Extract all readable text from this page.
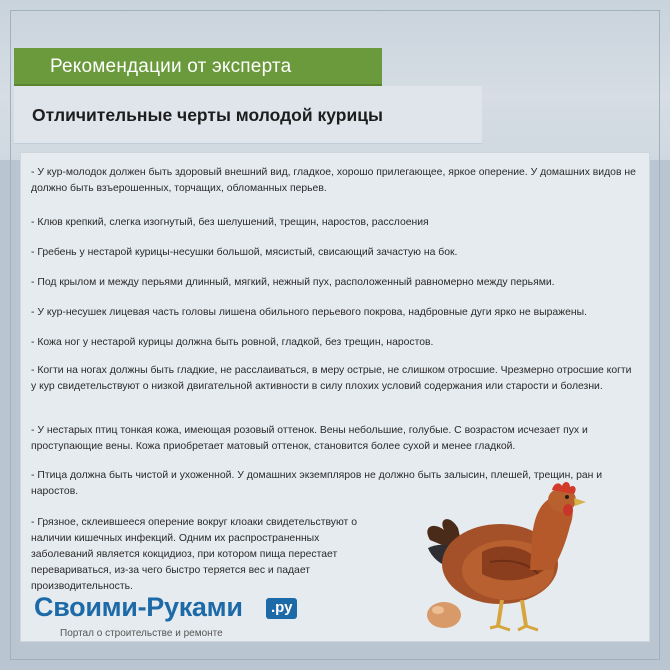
Рекомендации от эксперта
Отличительные черты молодой курицы
- У кур-молодок должен быть здоровый внешний вид, гладкое, хорошо прилегающее, яркое оперение. У домашних видов не должно быть взъерошенных, торчащих, обломанных перьев.
- Клюв крепкий, слегка изогнутый, без шелушений, трещин, наростов, расслоения
- Гребень у нестарой курицы-несушки большой, мясистый, свисающий зачастую на бок.
- Под крылом и между перьями длинный, мягкий, нежный пух, расположенный равномерно между перьями.
- У кур-несушек лицевая часть головы лишена обильного перьевого покрова, надбровные дуги ярко не выражены.
- Кожа ног у нестарой курицы должна быть ровной, гладкой, без трещин, наростов.
- Когти на ногах должны быть гладкие, не расслаиваться, в меру острые, не слишком отросшие. Чрезмерно отросшие когти у кур свидетельствуют о низкой двигательной активности в силу плохих условий содержания или старости и болезни.
- У нестарых птиц тонкая кожа, имеющая розовый оттенок. Вены небольшие, голубые. С возрастом исчезает пух и проступающие вены. Кожа приобретает матовый оттенок, становится более сухой и менее гладкой.
- Птица должна быть чистой и ухоженной. У домашних экземпляров не должно быть залысин, плешей, трещин, ран и наростов.
- Грязное, склеившееся оперение вокруг клоаки свидетельствуют о наличии кишечных инфекций. Одним их распространенных заболеваний является кокцидиоз, при котором пища перестает перевариваться, из-за чего быстро теряется вес и падает производительность.
Своими-Руками	.ру
Портал о строительстве и ремонте
